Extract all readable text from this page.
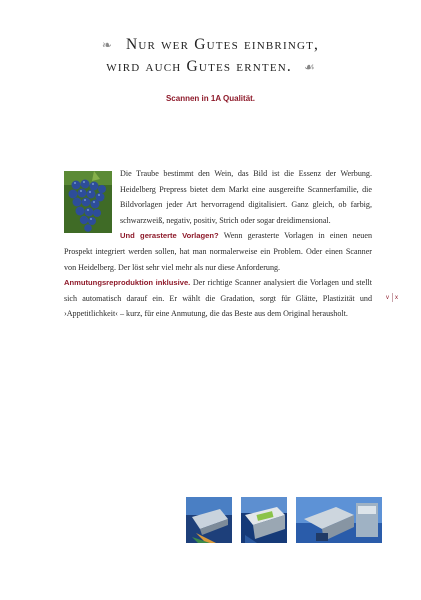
❧ Nur wer Gutes einbringt,
wird auch Gutes ernten. ☙
Scannen in 1A Qualität.

Die Traube bestimmt den Wein, das Bild ist die Essenz der Werbung. Heidelberg Prepress bietet dem Markt eine ausgereifte Scannerfamilie, die Bildvorlagen jeder Art hervorragend digitalisiert. Ganz gleich, ob farbig, schwarzweiß, negativ, positiv, Strich oder sogar dreidimensional.

Und gerasterte Vorlagen? Wenn gerasterte Vorlagen in einen neuen Prospekt integriert werden sollen, hat man normalerweise ein Problem. Oder einen Scanner von Heidelberg. Der löst sehr viel mehr als nur diese Anforderung.

Anmutungsreproduktion inklusive. Der richtige Scanner analysiert die Vorlagen und stellt sich automatisch darauf ein. Er wählt die Gradation, sorgt für Glätte, Plastizität und ›Appetitlichkeit‹ – kurz, für eine Anmutung, die das Beste aus dem Original herausholt.

v x
